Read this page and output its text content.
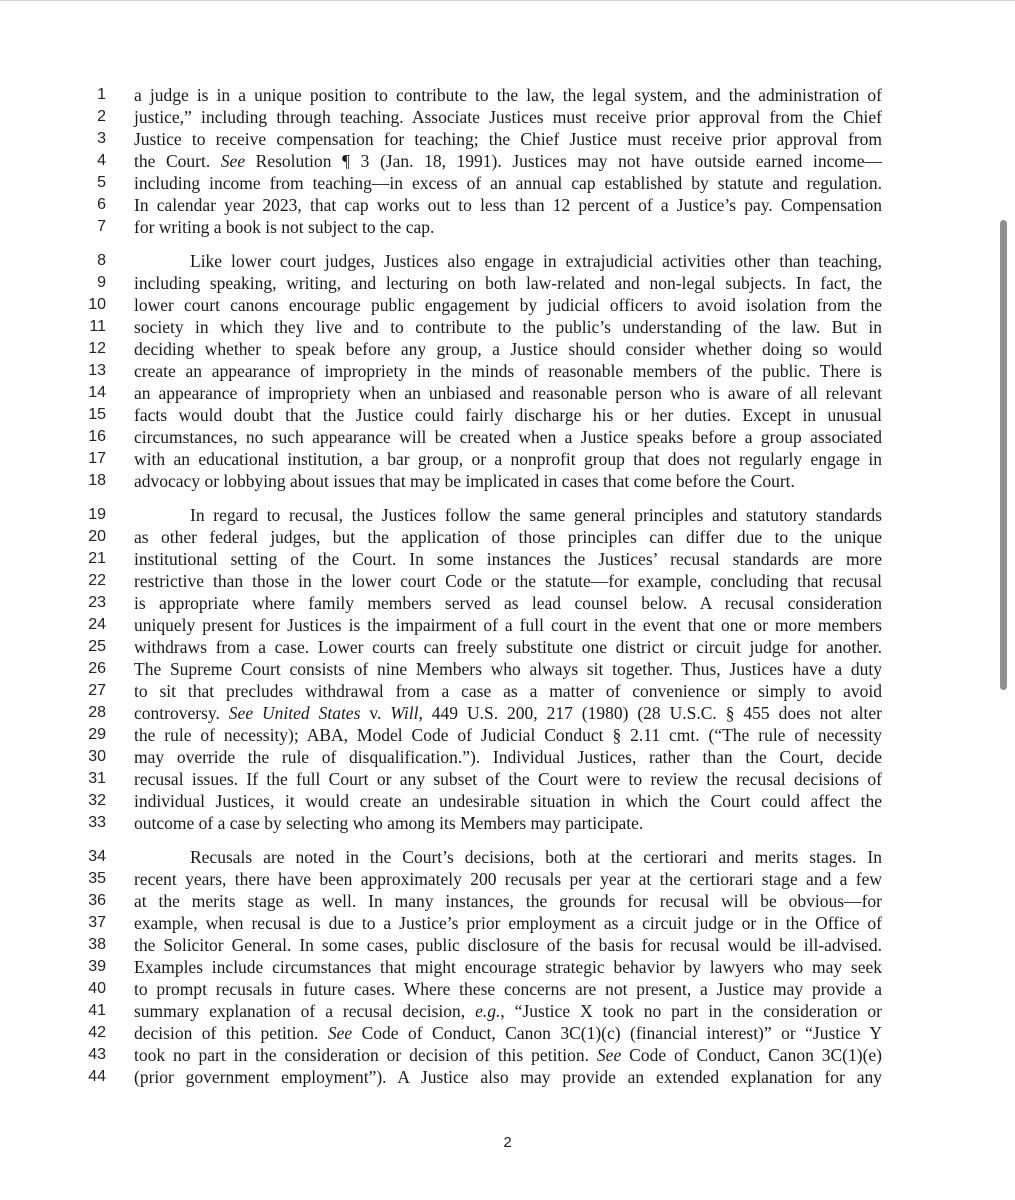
1 a judge is in a unique position to contribute to the law, the legal system, and the administration of
2 justice,” including through teaching. Associate Justices must receive prior approval from the Chief
3 Justice to receive compensation for teaching; the Chief Justice must receive prior approval from
4 the Court. See Resolution ¶ 3 (Jan. 18, 1991). Justices may not have outside earned income—
5 including income from teaching—in excess of an annual cap established by statute and regulation.
6 In calendar year 2023, that cap works out to less than 12 percent of a Justice’s pay. Compensation
7 for writing a book is not subject to the cap.
8	Like lower court judges, Justices also engage in extrajudicial activities other than teaching,
9 including speaking, writing, and lecturing on both law-related and non-legal subjects. In fact, the
10 lower court canons encourage public engagement by judicial officers to avoid isolation from the
11 society in which they live and to contribute to the public’s understanding of the law. But in
12 deciding whether to speak before any group, a Justice should consider whether doing so would
13 create an appearance of impropriety in the minds of reasonable members of the public. There is
14 an appearance of impropriety when an unbiased and reasonable person who is aware of all relevant
15 facts would doubt that the Justice could fairly discharge his or her duties. Except in unusual
16 circumstances, no such appearance will be created when a Justice speaks before a group associated
17 with an educational institution, a bar group, or a nonprofit group that does not regularly engage in
18 advocacy or lobbying about issues that may be implicated in cases that come before the Court.
19	In regard to recusal, the Justices follow the same general principles and statutory standards
20 as other federal judges, but the application of those principles can differ due to the unique
21 institutional setting of the Court. In some instances the Justices’ recusal standards are more
22 restrictive than those in the lower court Code or the statute—for example, concluding that recusal
23 is appropriate where family members served as lead counsel below. A recusal consideration
24 uniquely present for Justices is the impairment of a full court in the event that one or more members
25 withdraws from a case. Lower courts can freely substitute one district or circuit judge for another.
26 The Supreme Court consists of nine Members who always sit together. Thus, Justices have a duty
27 to sit that precludes withdrawal from a case as a matter of convenience or simply to avoid
28 controversy. See United States v. Will, 449 U.S. 200, 217 (1980) (28 U.S.C. § 455 does not alter
29 the rule of necessity); ABA, Model Code of Judicial Conduct § 2.11 cmt. (“The rule of necessity
30 may override the rule of disqualification.”). Individual Justices, rather than the Court, decide
31 recusal issues. If the full Court or any subset of the Court were to review the recusal decisions of
32 individual Justices, it would create an undesirable situation in which the Court could affect the
33 outcome of a case by selecting who among its Members may participate.
34	Recusals are noted in the Court’s decisions, both at the certiorari and merits stages. In
35 recent years, there have been approximately 200 recusals per year at the certiorari stage and a few
36 at the merits stage as well. In many instances, the grounds for recusal will be obvious—for
37 example, when recusal is due to a Justice’s prior employment as a circuit judge or in the Office of
38 the Solicitor General. In some cases, public disclosure of the basis for recusal would be ill-advised.
39 Examples include circumstances that might encourage strategic behavior by lawyers who may seek
40 to prompt recusals in future cases. Where these concerns are not present, a Justice may provide a
41 summary explanation of a recusal decision, e.g., “Justice X took no part in the consideration or
42 decision of this petition. See Code of Conduct, Canon 3C(1)(c) (financial interest)” or “Justice Y
43 took no part in the consideration or decision of this petition. See Code of Conduct, Canon 3C(1)(e)
44 (prior government employment”). A Justice also may provide an extended explanation for any
2
